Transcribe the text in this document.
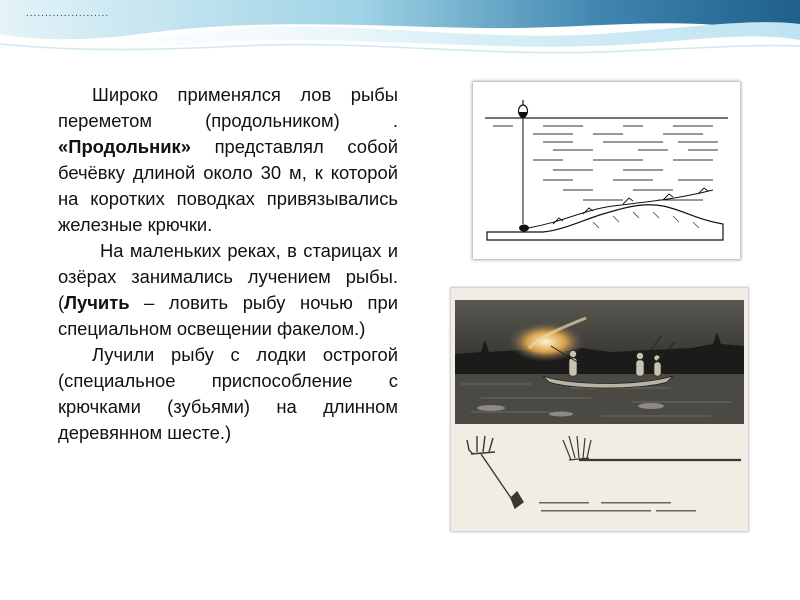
......................

Широко применялся лов рыбы переметом (продольником) . «Продольник» представлял собой бечёвку длиной около 30 м, к которой на коротких поводках привязывались железные крючки.

На маленьких реках, в старицах и озёрах занимались лучением рыбы. (Лучить – ловить рыбу ночью при специальном освещении факелом.)

Лучили рыбу с лодки острогой (специальное приспособление с крючками (зубьями) на длинном деревянном шесте.)
